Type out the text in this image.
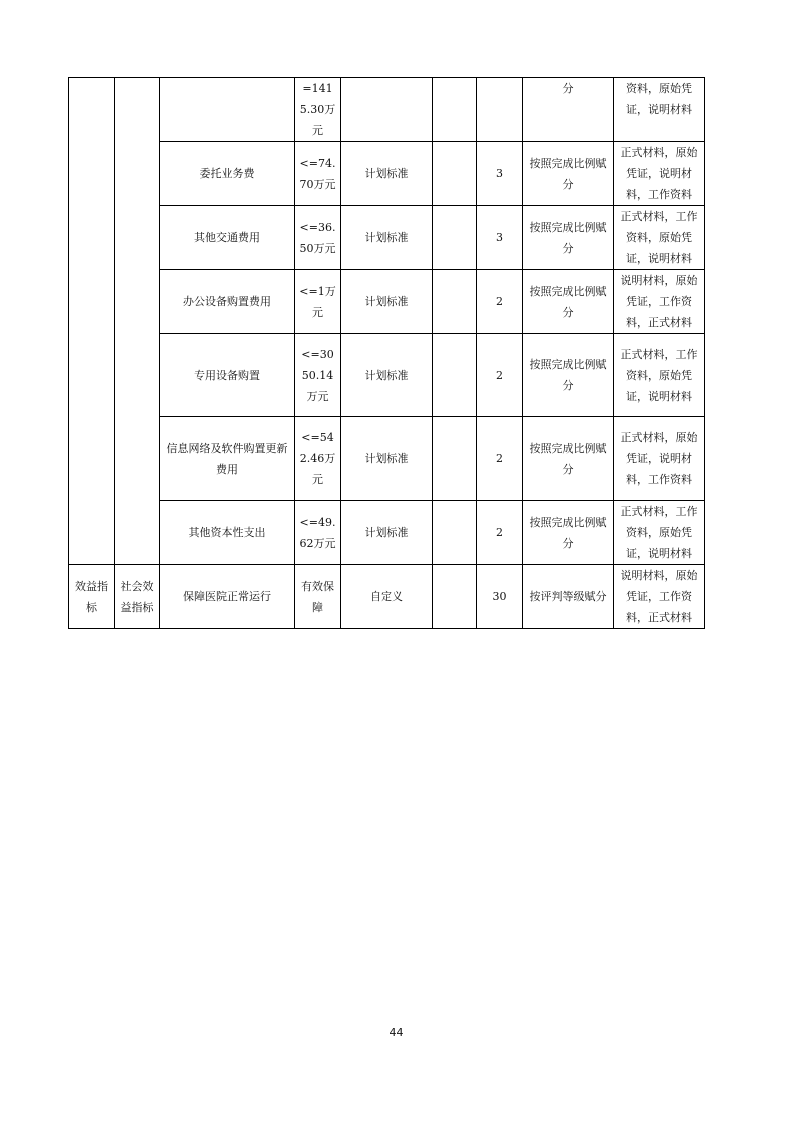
			=1415.30万元				分	资料，原始凭证，说明材料
		委托业务费	<=74.70万元	计划标准		3	按照完成比例赋分	正式材料，原始凭证，说明材料，工作资料
		其他交通费用	<=36.50万元	计划标准		3	按照完成比例赋分	正式材料，工作资料，原始凭证，说明材料
		办公设备购置费用	<=1万元	计划标准		2	按照完成比例赋分	说明材料，原始凭证，工作资料，正式材料
		专用设备购置	<=3050.14万元	计划标准		2	按照完成比例赋分	正式材料，工作资料，原始凭证，说明材料
		信息网络及软件购置更新费用	<=542.46万元	计划标准		2	按照完成比例赋分	正式材料，原始凭证，说明材料，工作资料
		其他资本性支出	<=49.62万元	计划标准		2	按照完成比例赋分	正式材料，工作资料，原始凭证，说明材料
效益指标	社会效益指标	保障医院正常运行	有效保障	自定义		30	按评判等级赋分	说明材料，原始凭证，工作资料，正式材料
44
